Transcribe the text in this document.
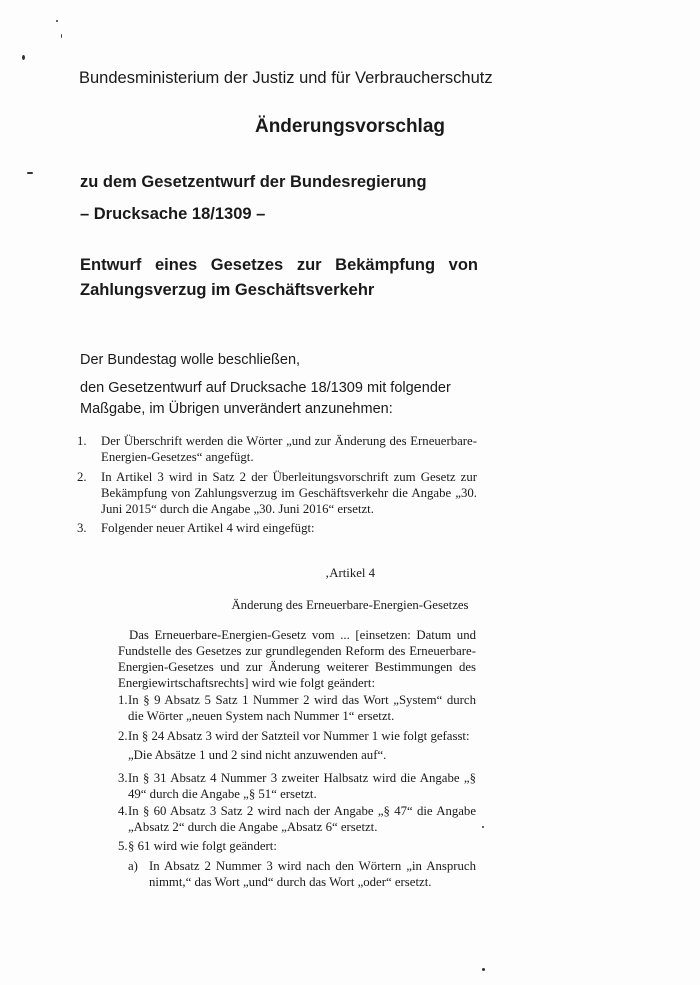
Bundesministerium der Justiz und für Verbraucherschutz

Änderungsvorschlag

zu dem Gesetzentwurf der Bundesregierung

– Drucksache 18/1309 –

Entwurf eines Gesetzes zur Bekämpfung von Zahlungsverzug im Geschäftsverkehr

Der Bundestag wolle beschließen,

den Gesetzentwurf auf Drucksache 18/1309 mit folgender Maßgabe, im Übrigen unverändert anzunehmen:

1. Der Überschrift werden die Wörter „und zur Änderung des Erneuerbare-Energien-Gesetzes“ angefügt.
2. In Artikel 3 wird in Satz 2 der Überleitungsvorschrift zum Gesetz zur Bekämpfung von Zahlungsverzug im Geschäftsverkehr die Angabe „30. Juni 2015“ durch die Angabe „30. Juni 2016“ ersetzt.
3. Folgender neuer Artikel 4 wird eingefügt:
‚Artikel 4
Änderung des Erneuerbare-Energien-Gesetzes

Das Erneuerbare-Energien-Gesetz vom ... [einsetzen: Datum und Fundstelle des Gesetzes zur grundlegenden Reform des Erneuerbare-Energien-Gesetzes und zur Änderung weiterer Bestimmungen des Energiewirtschaftsrechts] wird wie folgt geändert:

1. In § 9 Absatz 5 Satz 1 Nummer 2 wird das Wort „System“ durch die Wörter „neuen System nach Nummer 1“ ersetzt.
2. In § 24 Absatz 3 wird der Satzteil vor Nummer 1 wie folgt gefasst:

„Die Absätze 1 und 2 sind nicht anzuwenden auf“.

3. In § 31 Absatz 4 Nummer 3 zweiter Halbsatz wird die Angabe „§ 49“ durch die Angabe „§ 51“ ersetzt.
4. In § 60 Absatz 3 Satz 2 wird nach der Angabe „§ 47“ die Angabe „Absatz 2“ durch die Angabe „Absatz 6“ ersetzt.
5. § 61 wird wie folgt geändert:
a) In Absatz 2 Nummer 3 wird nach den Wörtern „in Anspruch nimmt,“ das Wort „und“ durch das Wort „oder“ ersetzt.
